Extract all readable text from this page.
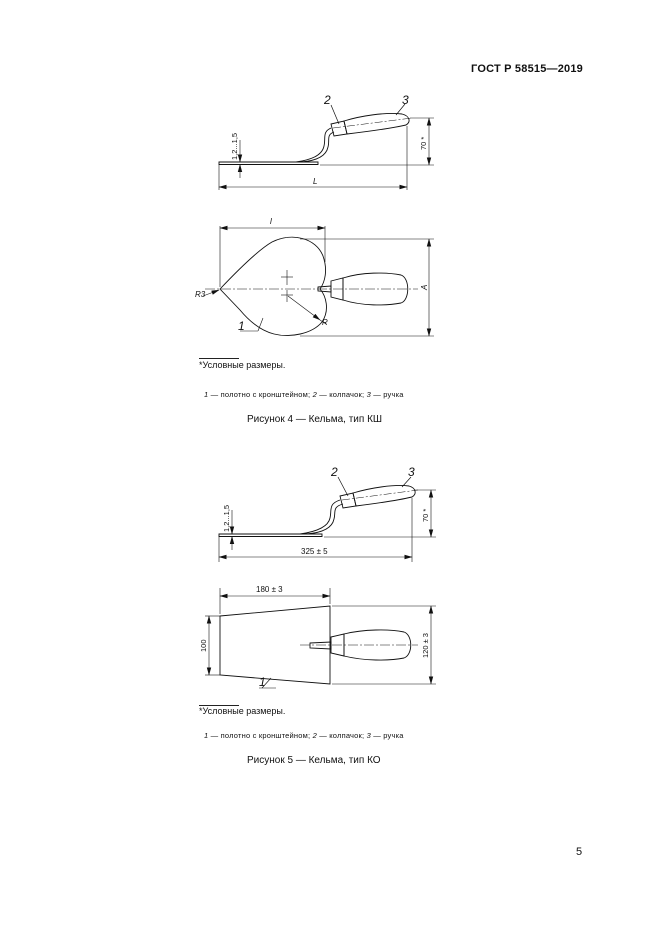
ГОСТ Р 58515—2019
2	3
1,2...1,5
L
70 *
l
A
R3
R
1
2	3
1,2...1,5
325 ± 5
70 *
180 ± 3
100	120 ± 3
1
*Условные размеры.
1 — полотно с кронштейном; 2 — колпачок; 3 — ручка
Рисунок 4 — Кельма, тип КШ
*Условные размеры.
1 — полотно с кронштейном; 2 — колпачок; 3 — ручка
Рисунок 5 — Кельма, тип КО
5
